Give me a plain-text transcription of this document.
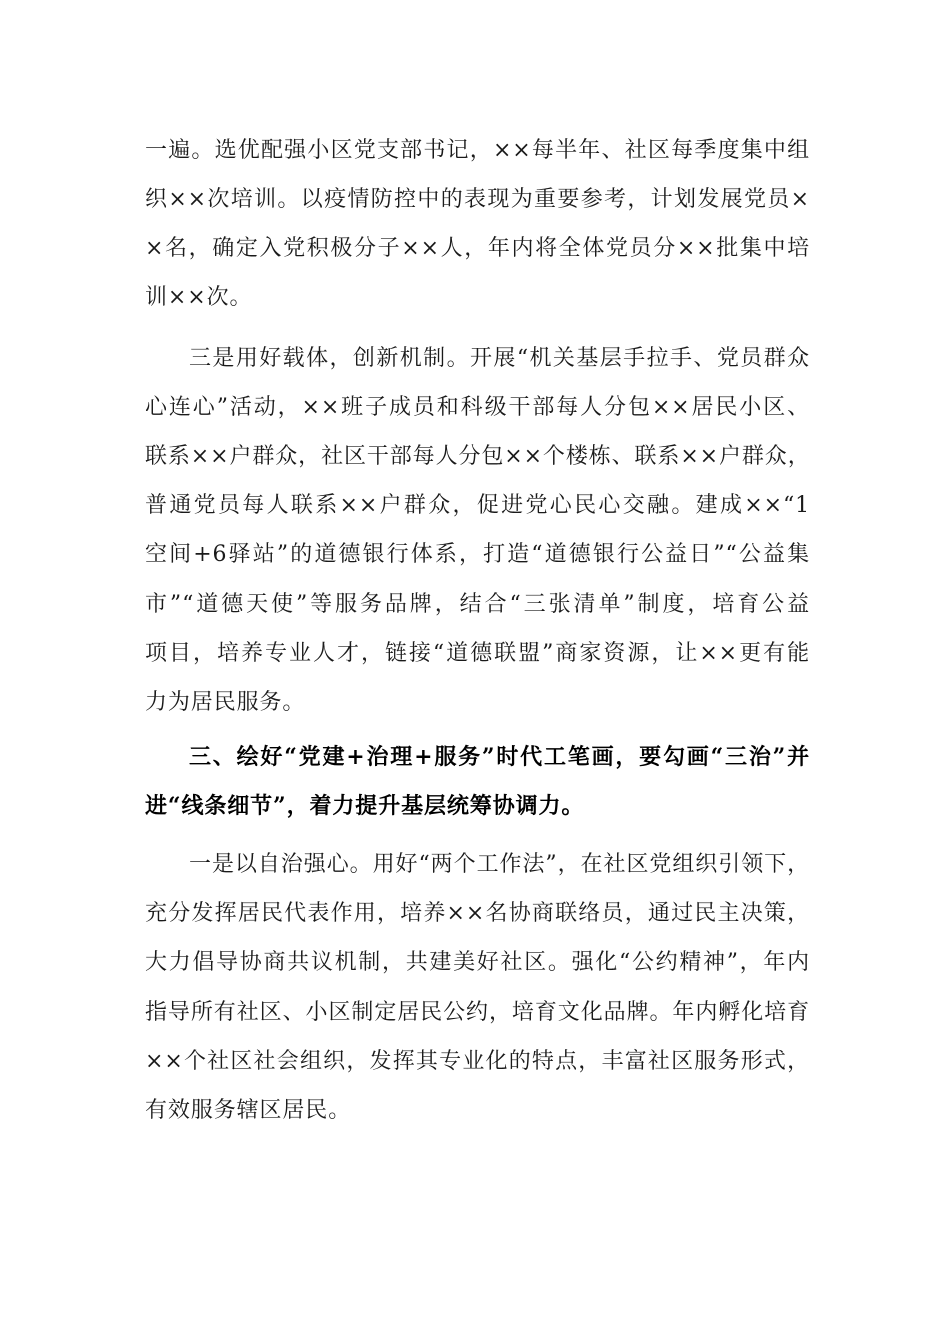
一遍。选优配强小区党支部书记，××每半年、社区每季度集中组
织××次培训。以疫情防控中的表现为重要参考，计划发展党员×
×名，确定入党积极分子××人，年内将全体党员分××批集中培
训××次。
三是用好载体，创新机制。开展“机关基层手拉手、党员群众
心连心”活动，××班子成员和科级干部每人分包××居民小区、
联系××户群众，社区干部每人分包××个楼栋、联系××户群众，
普通党员每人联系××户群众，促进党心民心交融。建成××“1
空间+6驿站”的道德银行体系，打造“道德银行公益日”“公益集
市”“道德天使”等服务品牌，结合“三张清单”制度，培育公益
项目，培养专业人才，链接“道德联盟”商家资源，让××更有能
力为居民服务。
三、绘好“党建+治理+服务”时代工笔画，要勾画“三治”并
进“线条细节”，着力提升基层统筹协调力。
一是以自治强心。用好“两个工作法”，在社区党组织引领下，
充分发挥居民代表作用，培养××名协商联络员，通过民主决策，
大力倡导协商共议机制，共建美好社区。强化“公约精神”，年内
指导所有社区、小区制定居民公约，培育文化品牌。年内孵化培育
××个社区社会组织，发挥其专业化的特点，丰富社区服务形式，
有效服务辖区居民。
